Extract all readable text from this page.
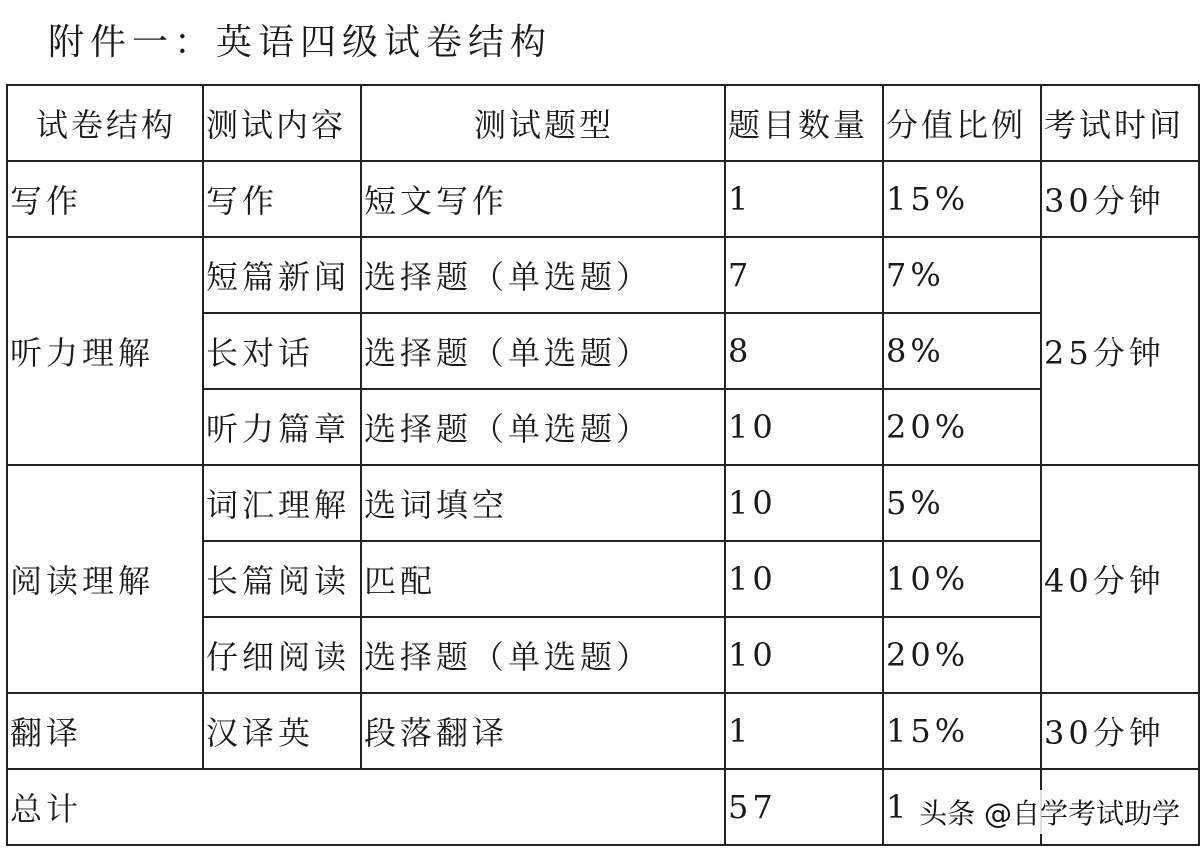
附件一：英语四级试卷结构
试卷结构	测试内容	测试题型	题目数量	分值比例	考试时间
写作	写作	短文写作	1	15%	30分钟
听力理解	短篇新闻	选择题（单选题）	7	7%	25分钟
	长对话	选择题（单选题）	8	8%	
	听力篇章	选择题（单选题）	10	20%	
阅读理解	词汇理解	选词填空	10	5%	40分钟
	长篇阅读	匹配	10	10%	
	仔细阅读	选择题（单选题）	10	20%	
翻译	汉译英	段落翻译	1	15%	30分钟
总计			57	1	头条 @自学考试助学
